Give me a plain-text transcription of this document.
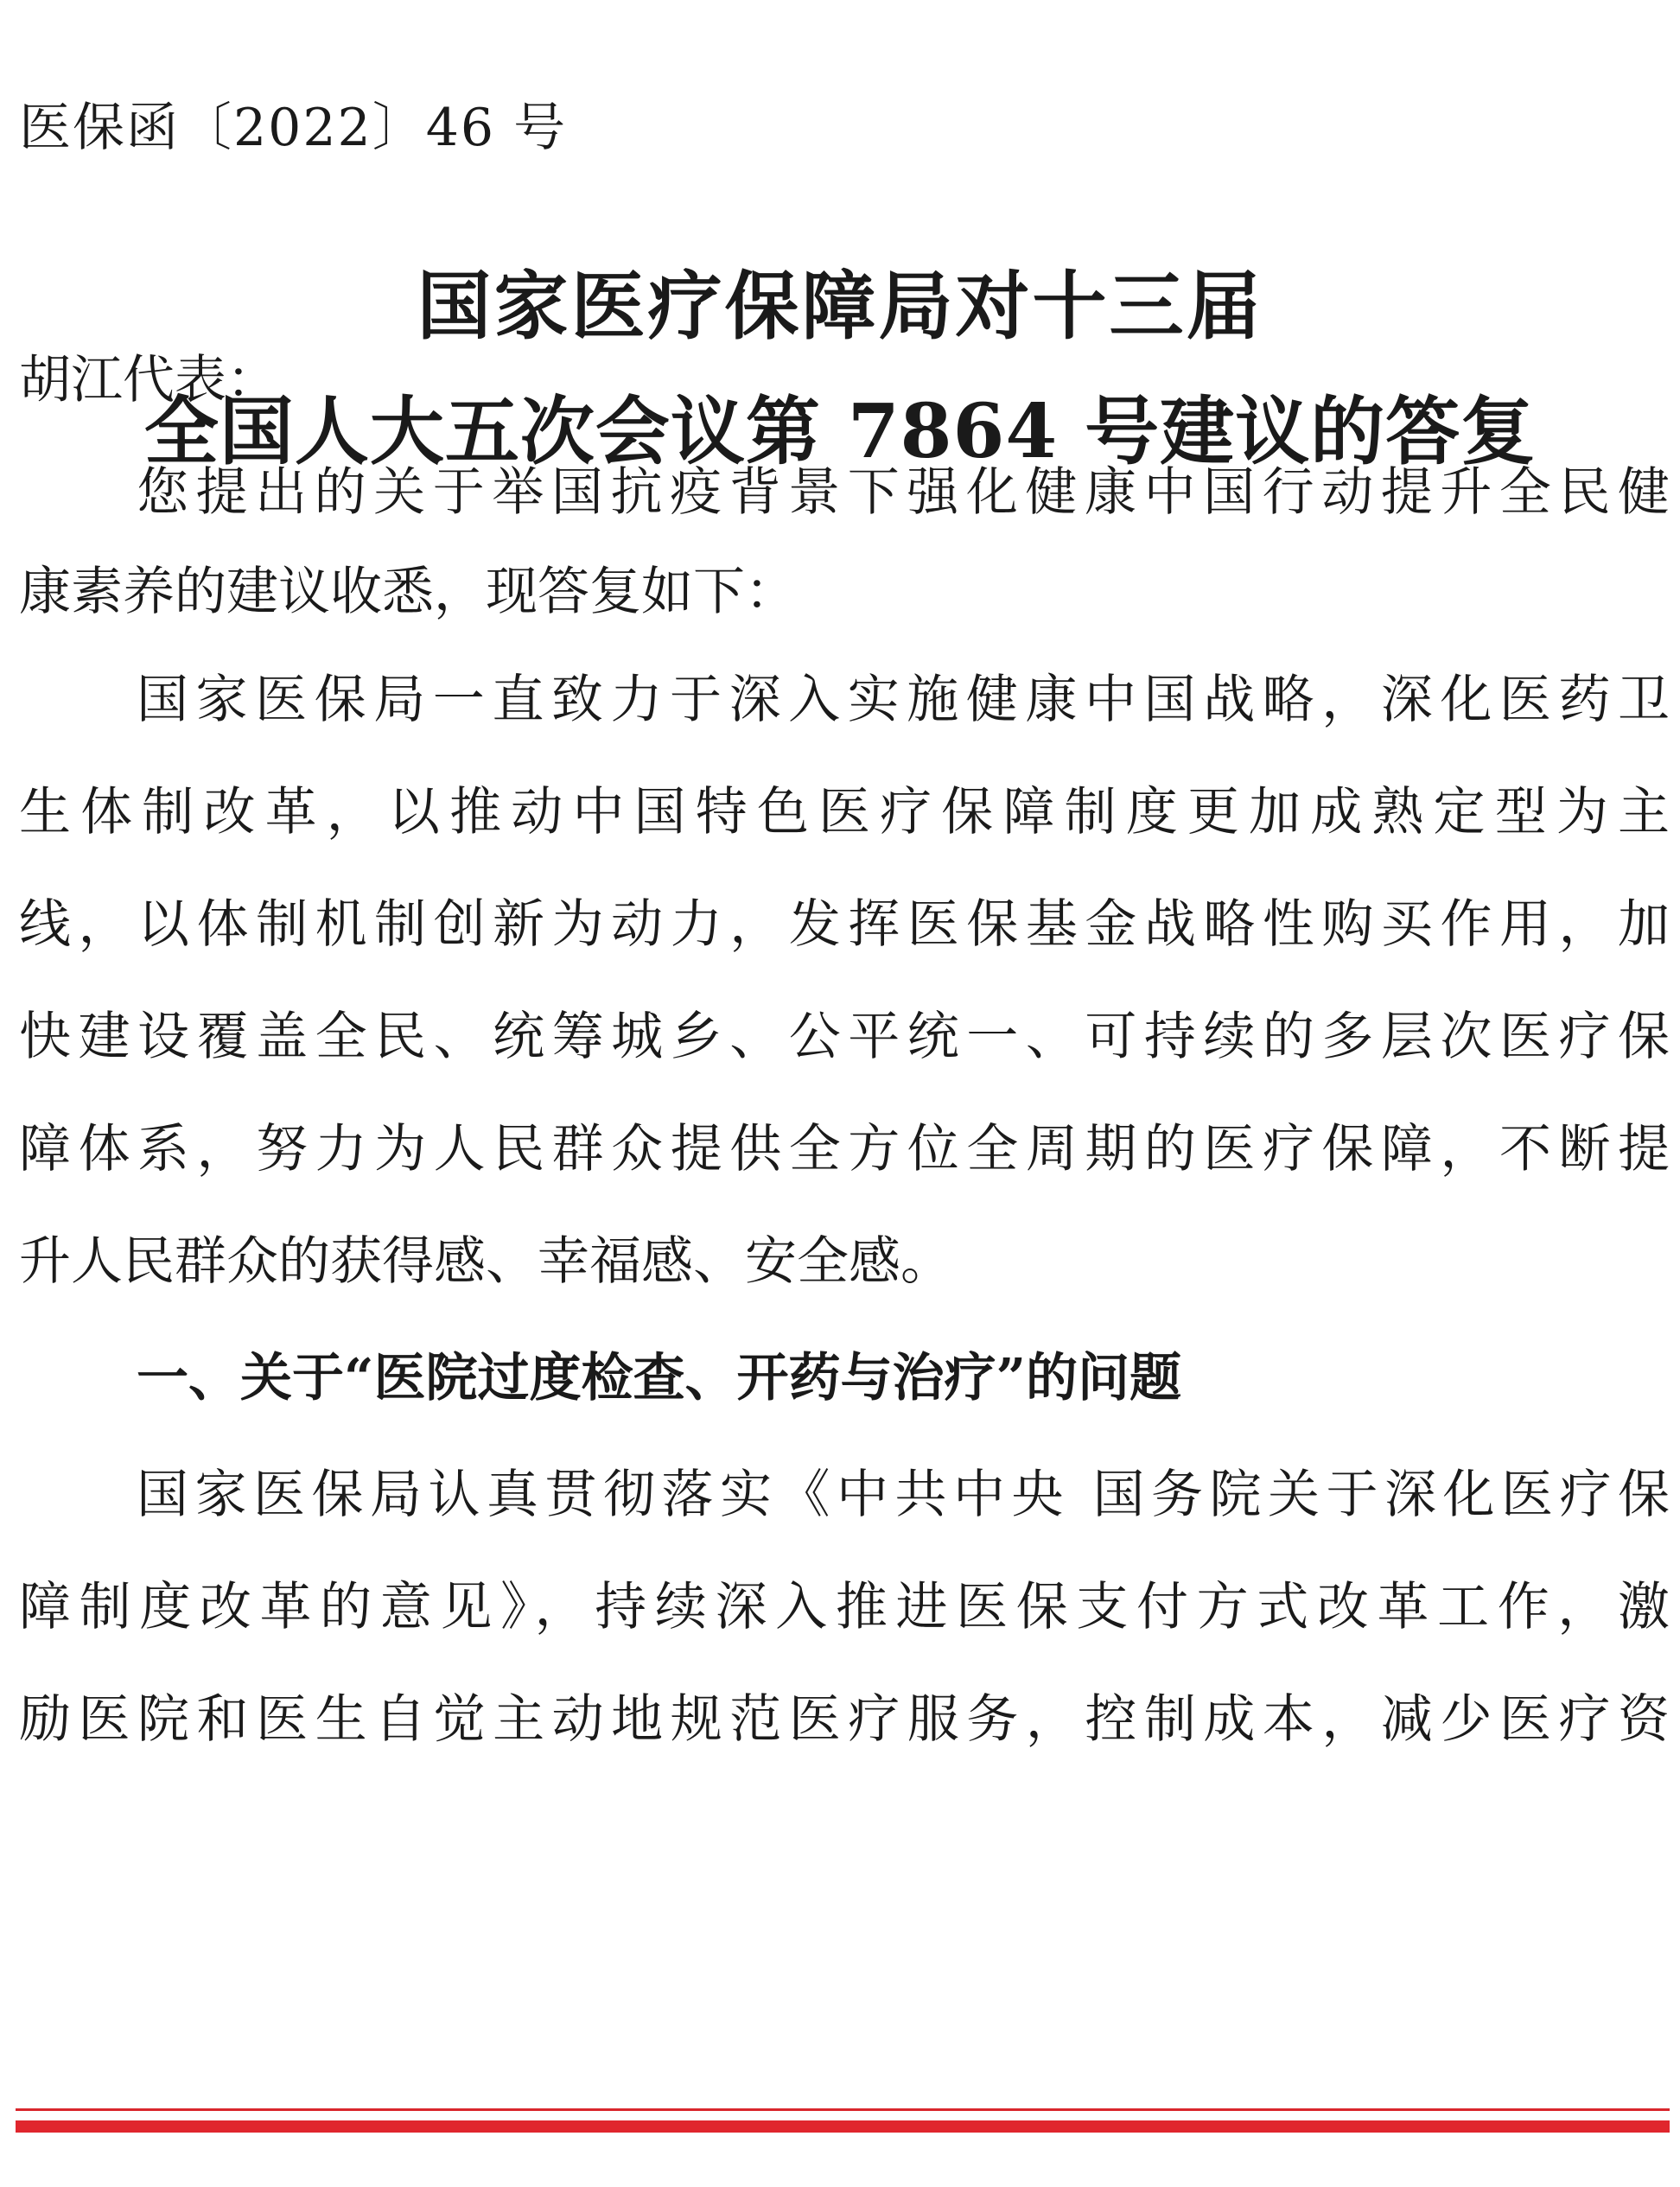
医保函〔2022〕46 号
国家医疗保障局对十三届
全国人大五次会议第 7864 号建议的答复
胡江代表：
您提出的关于举国抗疫背景下强化健康中国行动提升全民健
康素养的建议收悉，现答复如下：
国家医保局一直致力于深入实施健康中国战略，深化医药卫
生体制改革，以推动中国特色医疗保障制度更加成熟定型为主
线，以体制机制创新为动力，发挥医保基金战略性购买作用，加
快建设覆盖全民、统筹城乡、公平统一、可持续的多层次医疗保
障体系，努力为人民群众提供全方位全周期的医疗保障，不断提
升人民群众的获得感、幸福感、安全感。
一、关于“医院过度检查、开药与治疗”的问题
国家医保局认真贯彻落实《中共中央 国务院关于深化医疗保
障制度改革的意见》，持续深入推进医保支付方式改革工作，激
励医院和医生自觉主动地规范医疗服务，控制成本，减少医疗资
